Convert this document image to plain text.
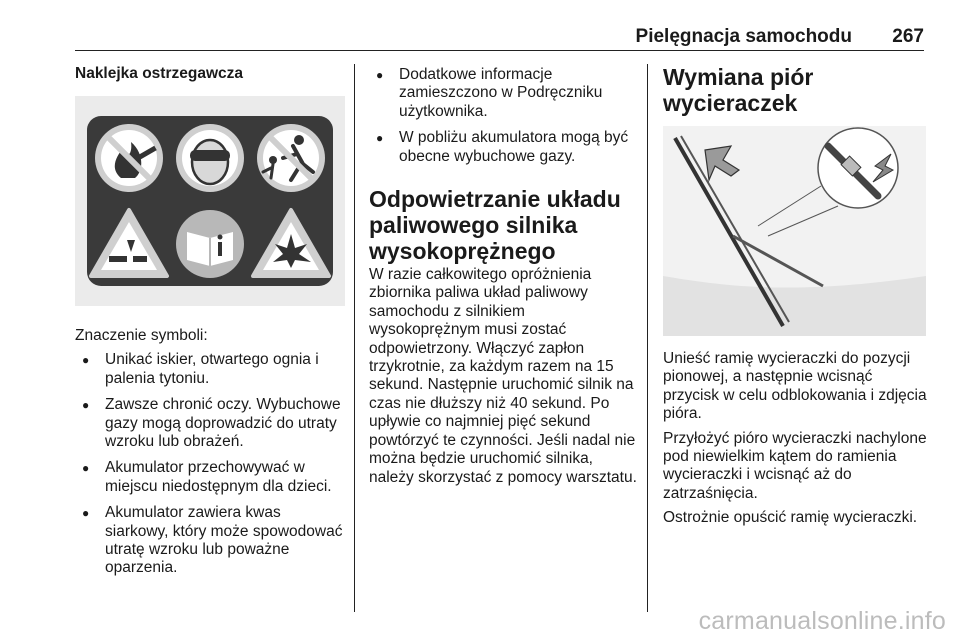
Pielęgnacja samochodu 267
Naklejka ostrzegawcza

Znaczenie symboli:

● Unikać iskier, otwartego ognia i palenia tytoniu.
● Zawsze chronić oczy. Wybuchowe gazy mogą doprowadzić do utraty wzroku lub obrażeń.
● Akumulator przechowywać w miejscu niedostępnym dla dzieci.
● Akumulator zawiera kwas siarkowy, który może spowodować utratę wzroku lub poważne oparzenia.
● Dodatkowe informacje zamieszczono w Podręczniku użytkownika.
● W pobliżu akumulatora mogą być obecne wybuchowe gazy.
Odpowietrzanie układu paliwowego silnika wysokoprężnego

W razie całkowitego opróżnienia zbiornika paliwa układ paliwowy samochodu z silnikiem wysokoprężnym musi zostać odpowietrzony. Włączyć zapłon trzykrotnie, za każdym razem na 15 sekund. Następnie uruchomić silnik na czas nie dłuższy niż 40 sekund. Po upływie co najmniej pięć sekund powtórzyć te czynności. Jeśli nadal nie można będzie uruchomić silnika, należy skorzystać z pomocy warsztatu.

Wymiana piór wycieraczek

Unieść ramię wycieraczki do pozycji pionowej, a następnie wcisnąć przycisk w celu odblokowania i zdjęcia pióra.

Przyłożyć pióro wycieraczki nachylone pod niewielkim kątem do ramienia wycieraczki i wcisnąć aż do zatrzaśnięcia.

Ostrożnie opuścić ramię wycieraczki.

carmanualsonline.info
